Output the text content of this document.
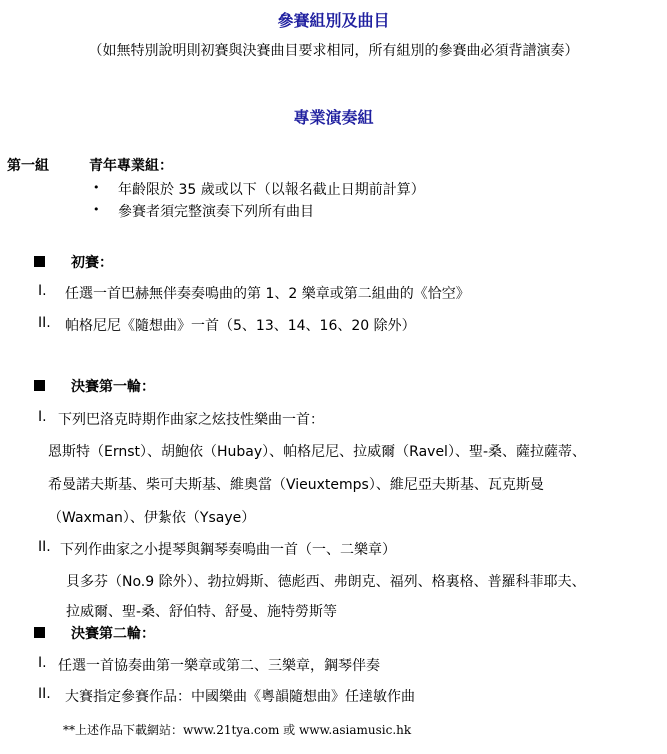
參賽組別及曲目
（如無特別說明則初賽與決賽曲目要求相同，所有組別的參賽曲必須背譜演奏）
專業演奏組
第一組	青年專業組：
• 年齡限於 35 歲或以下（以報名截止日期前計算）
• 參賽者須完整演奏下列所有曲目
初賽：
I. 任選一首巴赫無伴奏奏鳴曲的第 1、2 樂章或第二組曲的《恰空》
II. 帕格尼尼《隨想曲》一首（5、13、14、16、20 除外）
決賽第一輪：
I. 下列巴洛克時期作曲家之炫技性樂曲一首：
恩斯特（Ernst）、胡鮑依（Hubay）、帕格尼尼、拉威爾（Ravel）、聖-桑、薩拉薩蒂、
希曼諾夫斯基、柴可夫斯基、維奧當（Vieuxtemps）、維尼亞夫斯基、瓦克斯曼
（Waxman）、伊紮依（Ysaye）
II. 下列作曲家之小提琴與鋼琴奏鳴曲一首（一、二樂章）
貝多芬（No.9 除外）、勃拉姆斯、德彪西、弗朗克、福列、格裏格、普羅科菲耶夫、
拉威爾、聖-桑、舒伯特、舒曼、施特勞斯等
決賽第二輪：
I. 任選一首協奏曲第一樂章或第二、三樂章，鋼琴伴奏
II. 大賽指定參賽作品：中國樂曲《粵韻隨想曲》任達敏作曲
**上述作品下載網站：www.21tya.com 或 www.asiamusic.hk
